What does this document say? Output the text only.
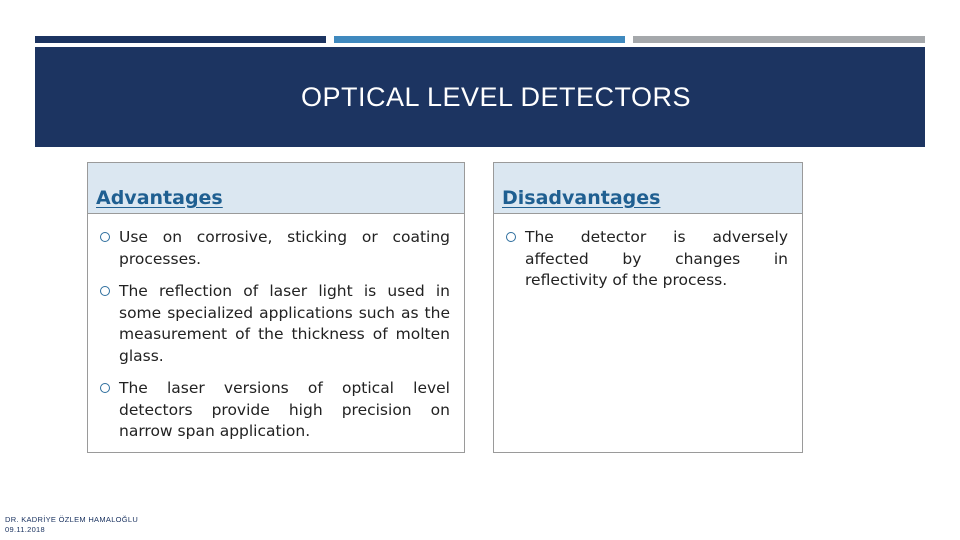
OPTICAL LEVEL DETECTORS
Advantages
Use on corrosive, sticking or coating processes.
The reflection of laser light is used in some specialized applications such as the measurement of the thickness of molten glass.
The laser versions of optical level detectors provide high precision on narrow span application.
Disadvantages
The detector is adversely affected by changes in reflectivity of the process.
DR. KADRİYE ÖZLEM HAMALOĞLU
09.11.2018
